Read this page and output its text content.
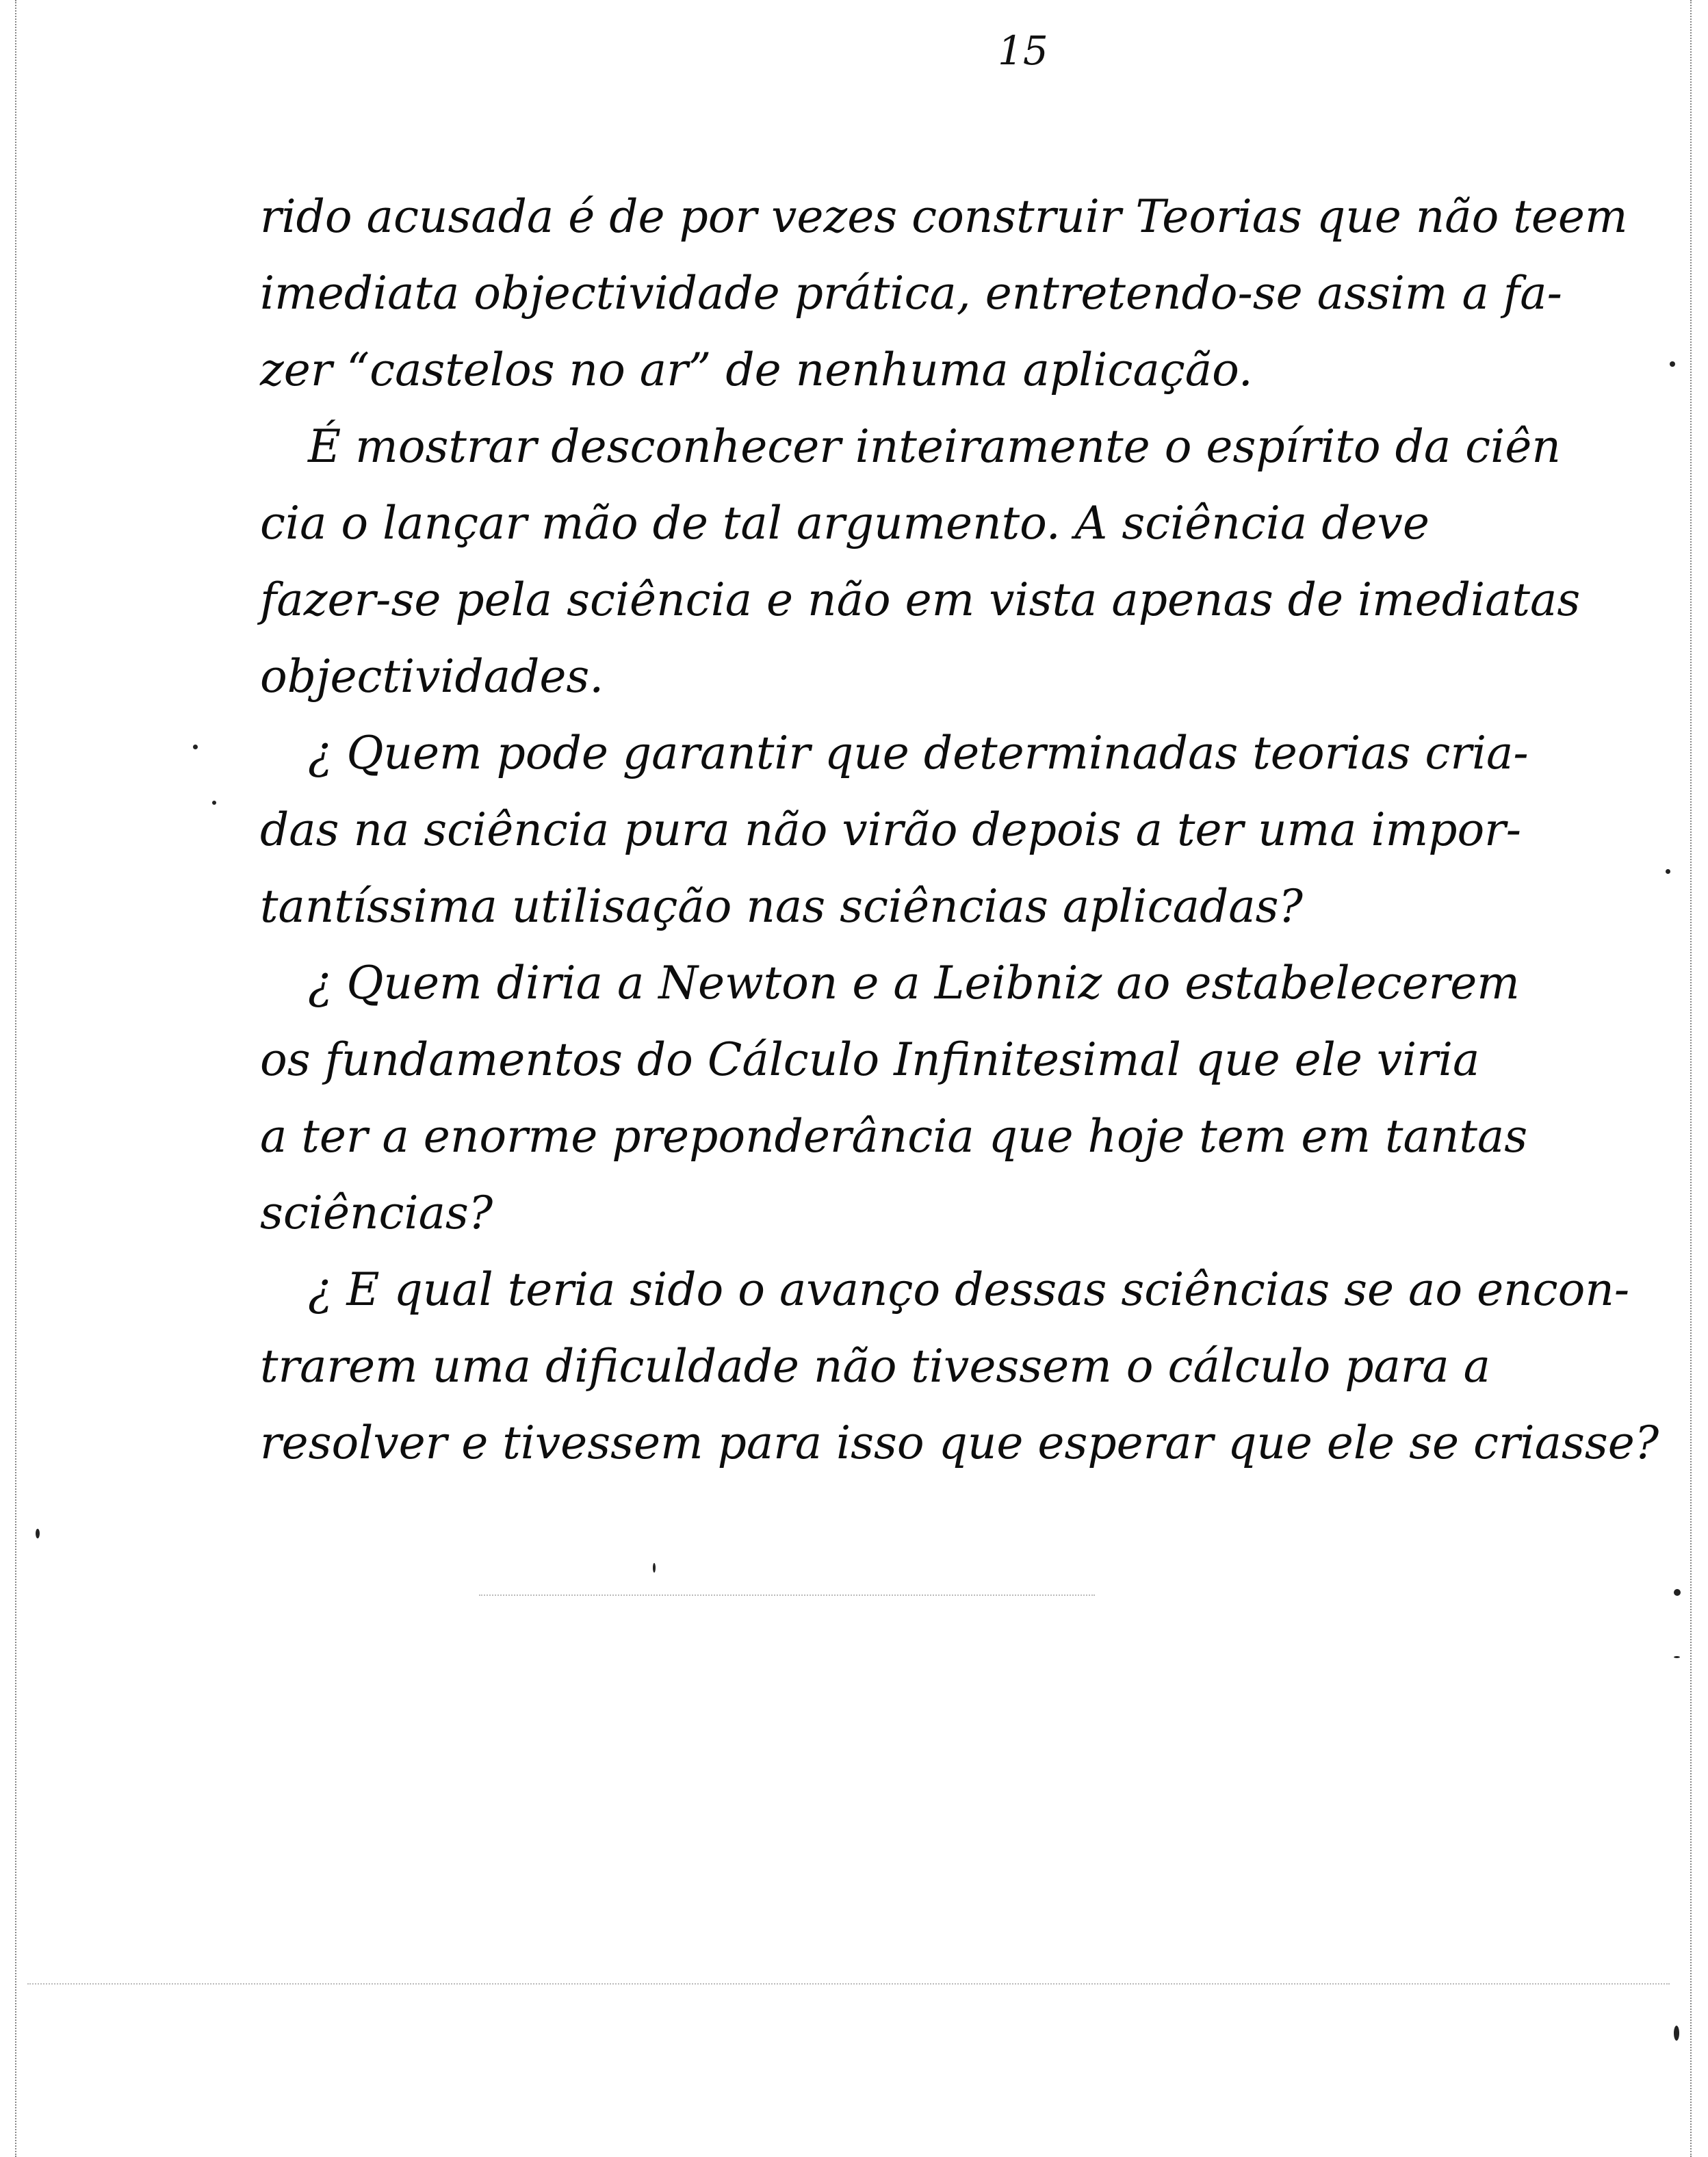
15
rido acusada é de por vezes construir Teorias que não teem
imediata objectividade prática, entretendo-se assim a fa-
zer “castelos no ar” de nenhuma aplicação.
É mostrar desconhecer inteiramente o espírito da ciên
cia o lançar mão de tal argumento. A sciência deve
fazer-se pela sciência e não em vista apenas de imediatas
objectividades.
¿ Quem pode garantir que determinadas teorias cria-
das na sciência pura não virão depois a ter uma impor-
tantíssima utilisação nas sciências aplicadas?
¿ Quem diria a Newton e a Leibniz ao estabelecerem
os fundamentos do Cálculo Infinitesimal que ele viria
a ter a enorme preponderância que hoje tem em tantas
sciências?
¿ E qual teria sido o avanço dessas sciências se ao encon-
trarem uma dificuldade não tivessem o cálculo para a
resolver e tivessem para isso que esperar que ele se criasse?
